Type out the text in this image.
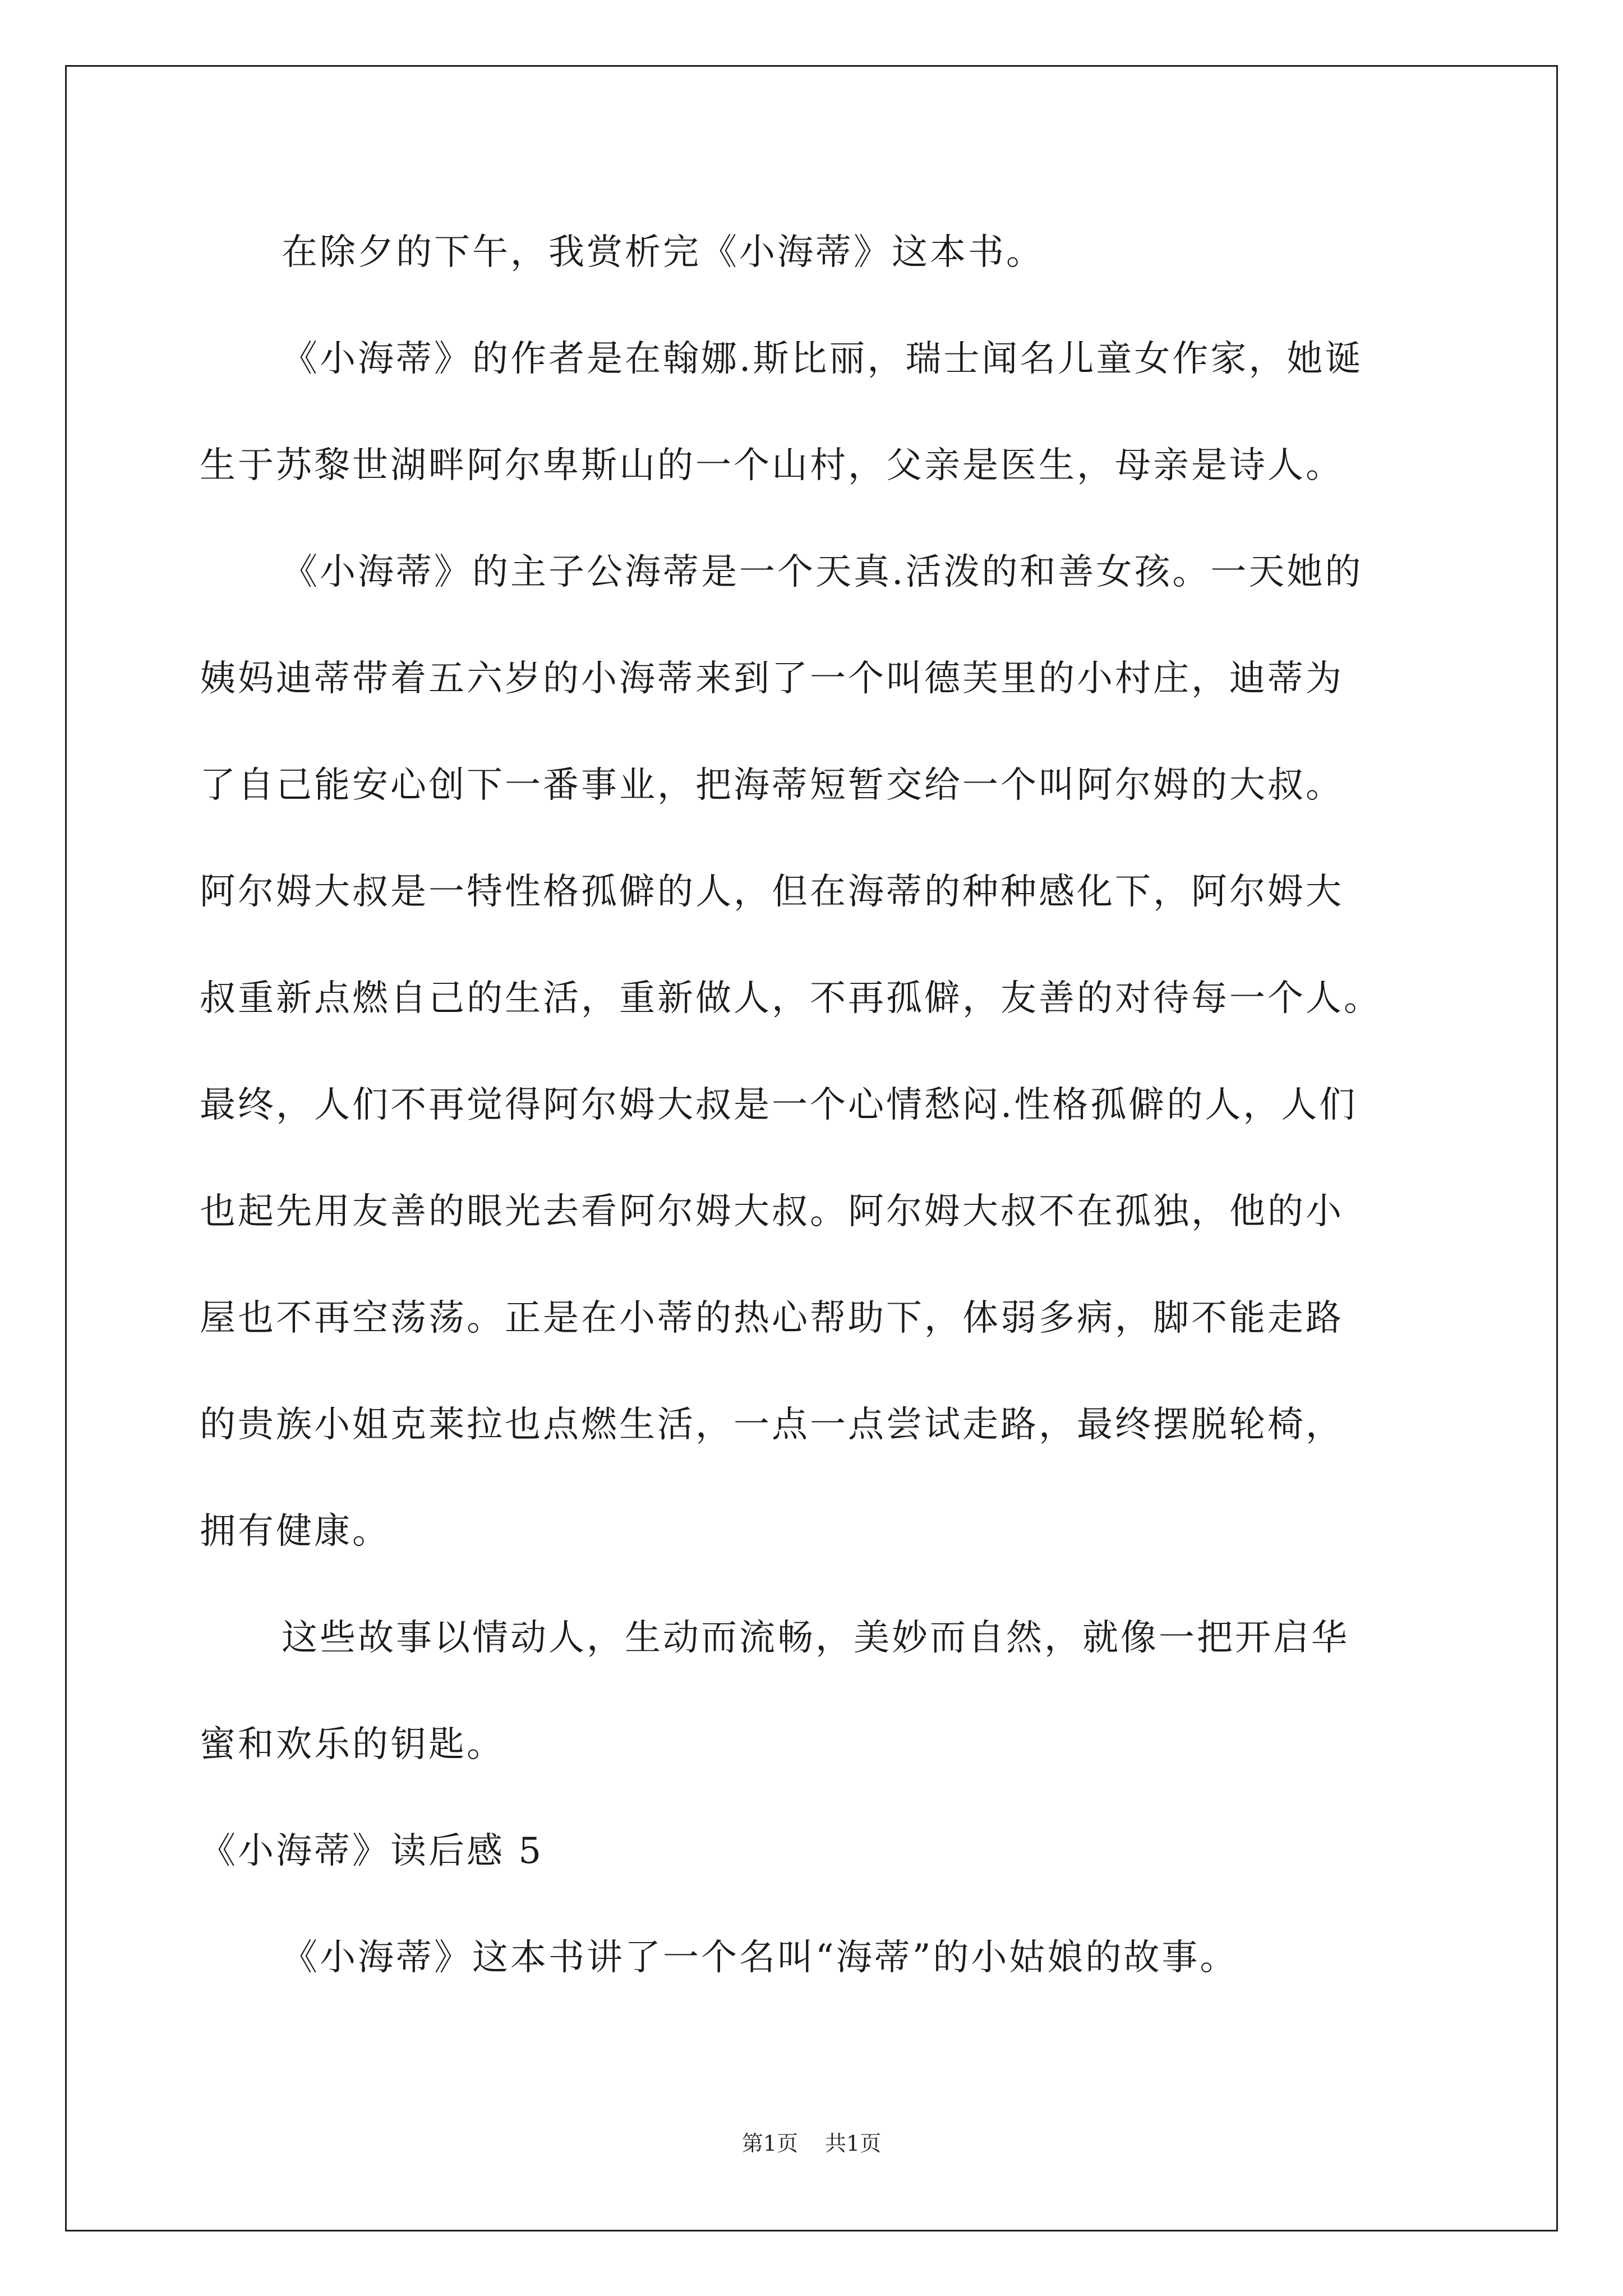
在除夕的下午，我赏析完《小海蒂》这本书。
《小海蒂》的作者是在翰娜.斯比丽，瑞士闻名儿童女作家，她诞
生于苏黎世湖畔阿尔卑斯山的一个山村，父亲是医生，母亲是诗人。
《小海蒂》的主子公海蒂是一个天真.活泼的和善女孩。一天她的
姨妈迪蒂带着五六岁的小海蒂来到了一个叫德芙里的小村庄，迪蒂为
了自己能安心创下一番事业，把海蒂短暂交给一个叫阿尔姆的大叔。
阿尔姆大叔是一特性格孤僻的人，但在海蒂的种种感化下，阿尔姆大
叔重新点燃自己的生活，重新做人，不再孤僻，友善的对待每一个人。
最终，人们不再觉得阿尔姆大叔是一个心情愁闷.性格孤僻的人，人们
也起先用友善的眼光去看阿尔姆大叔。阿尔姆大叔不在孤独，他的小
屋也不再空荡荡。正是在小蒂的热心帮助下，体弱多病，脚不能走路
的贵族小姐克莱拉也点燃生活，一点一点尝试走路，最终摆脱轮椅，
拥有健康。
这些故事以情动人，生动而流畅，美妙而自然，就像一把开启华
蜜和欢乐的钥匙。
《小海蒂》读后感 5
《小海蒂》这本书讲了一个名叫“海蒂”的小姑娘的故事。
第1页 共1页
